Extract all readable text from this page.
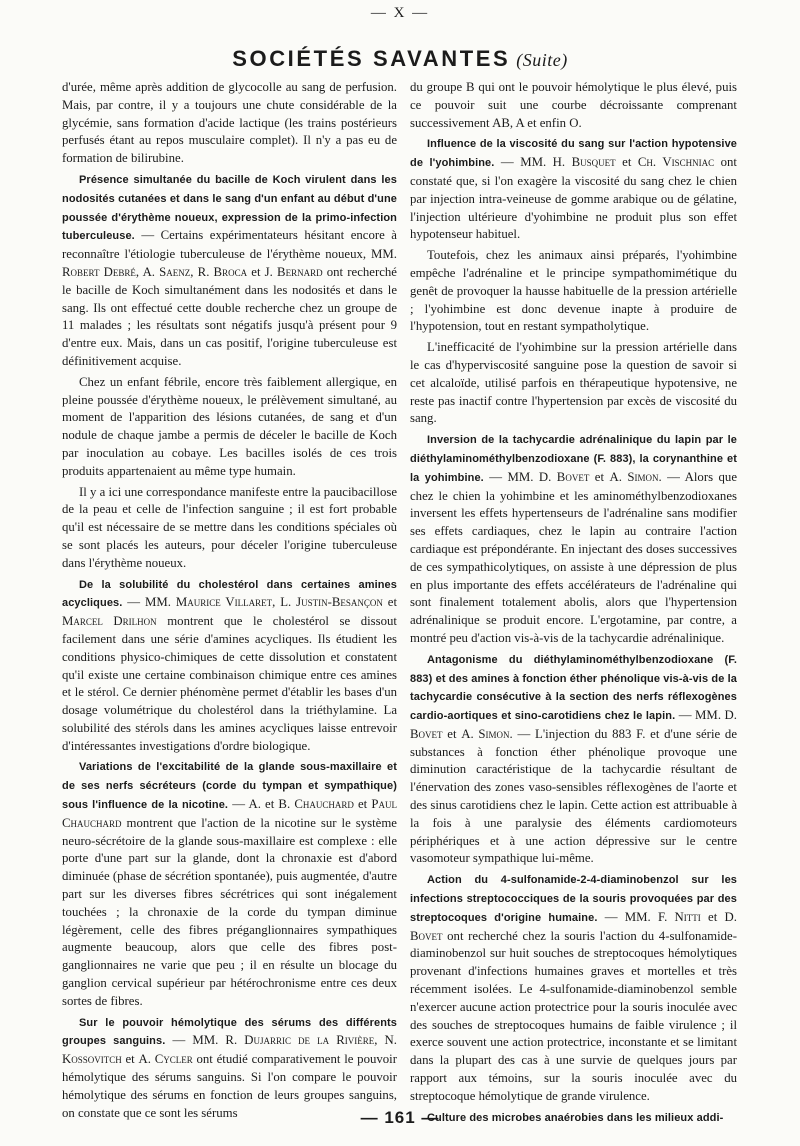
— X —
SOCIÉTÉS SAVANTES (Suite)

d'urée, même après addition de glycocolle au sang de perfusion. Mais, par contre, il y a toujours une chute considérable de la glycémie, sans formation d'acide lactique (les trains postérieurs perfusés étant au repos musculaire complet). Il n'y a pas eu de formation de bilirubine.

Présence simultanée du bacille de Koch virulent dans les nodosités cutanées et dans le sang d'un enfant au début d'une poussée d'érythème noueux, expression de la primo-infection tuberculeuse. — Certains expérimentateurs hésitant encore à reconnaître l'étiologie tuberculeuse de l'érythème noueux, MM. Robert Debré, A. Saenz, R. Broca et J. Bernard ont recherché le bacille de Koch simultanément dans les nodosités et dans le sang. Ils ont effectué cette double recherche chez un groupe de 11 malades ; les résultats sont négatifs jusqu'à présent pour 9 d'entre eux. Mais, dans un cas positif, l'origine tuberculeuse est définitivement acquise.

Chez un enfant fébrile, encore très faiblement allergique, en pleine poussée d'érythème noueux, le prélèvement simultané, au moment de l'apparition des lésions cutanées, de sang et d'un nodule de chaque jambe a permis de déceler le bacille de Koch par inoculation au cobaye. Les bacilles isolés de ces trois produits appartenaient au même type humain.

Il y a ici une correspondance manifeste entre la paucibacillose de la peau et celle de l'infection sanguine ; il est fort probable qu'il est nécessaire de se mettre dans les conditions spéciales où se sont placés les auteurs, pour déceler l'origine tuberculeuse dans l'érythème noueux.

De la solubilité du cholestérol dans certaines amines acycliques. — MM. Maurice Villaret, L. Justin-Besançon et Marcel Drilhon montrent que le cholestérol se dissout facilement dans une série d'amines acycliques. Ils étudient les conditions physico-chimiques de cette dissolution et constatent qu'il existe une certaine combinaison chimique entre ces amines et le stérol. Ce dernier phénomène permet d'établir les bases d'un dosage volumétrique du cholestérol dans la triéthylamine. La solubilité des stérols dans les amines acycliques laisse entrevoir d'intéressantes investigations d'ordre biologique.

Variations de l'excitabilité de la glande sous-maxillaire et de ses nerfs sécréteurs (corde du tympan et sympathique) sous l'influence de la nicotine. — A. et B. Chauchard et Paul Chauchard montrent que l'action de la nicotine sur le système neuro-sécrétoire de la glande sous-maxillaire est complexe : elle porte d'une part sur la glande, dont la chronaxie est d'abord diminuée (phase de sécrétion spontanée), puis augmentée, d'autre part sur les diverses fibres sécrétrices qui sont inégalement touchées ; la chronaxie de la corde du tympan diminue légèrement, celle des fibres préganglionnaires sympathiques augmente beaucoup, alors que celle des fibres post-ganglionnaires ne varie que peu ; il en résulte un blocage du ganglion cervical supérieur par hétérochronisme entre ces deux sortes de fibres.

Sur le pouvoir hémolytique des sérums des différents groupes sanguins. — MM. R. Dujarric de la Rivière, N. Kossovitch et A. Cycler ont étudié comparativement le pouvoir hémolytique des sérums sanguins. Si l'on compare le pouvoir hémolytique des sérums en fonction de leurs groupes sanguins, on constate que ce sont les sérums

du groupe B qui ont le pouvoir hémolytique le plus élevé, puis ce pouvoir suit une courbe décroissante comprenant successivement AB, A et enfin O.

Influence de la viscosité du sang sur l'action hypotensive de l'yohimbine. — MM. H. Busquet et Ch. Vischniac ont constaté que, si l'on exagère la viscosité du sang chez le chien par injection intra-veineuse de gomme arabique ou de gélatine, l'injection ultérieure d'yohimbine ne produit plus son effet hypotenseur habituel.

Toutefois, chez les animaux ainsi préparés, l'yohimbine empêche l'adrénaline et le principe sympathomimétique du genêt de provoquer la hausse habituelle de la pression artérielle ; l'yohimbine est donc devenue inapte à produire de l'hypotension, tout en restant sympatholytique.

L'inefficacité de l'yohimbine sur la pression artérielle dans le cas d'hyperviscosité sanguine pose la question de savoir si cet alcaloïde, utilisé parfois en thérapeutique hypotensive, ne reste pas inactif contre l'hypertension par excès de viscosité du sang.

Inversion de la tachycardie adrénalinique du lapin par le diéthylaminométhylbenzodioxane (F. 883), la corynanthine et la yohimbine. — MM. D. Bovet et A. Simon. — Alors que chez le chien la yohimbine et les aminométhylbenzodioxanes inversent les effets hypertenseurs de l'adrénaline sans modifier ses effets cardiaques, chez le lapin au contraire l'action cardiaque est prépondérante. En injectant des doses successives de ces sympathicolytiques, on assiste à une dépression de plus en plus importante des effets accélérateurs de l'adrénaline qui sont finalement totalement abolis, alors que l'hypertension adrénalinique se produit encore. L'ergotamine, par contre, a montré peu d'action vis-à-vis de la tachycardie adrénalinique.

Antagonisme du diéthylaminométhylbenzodioxane (F. 883) et des amines à fonction éther phénolique vis-à-vis de la tachycardie consécutive à la section des nerfs réflexogènes cardio-aortiques et sino-carotidiens chez le lapin. — MM. D. Bovet et A. Simon. — L'injection du 883 F. et d'une série de substances à fonction éther phénolique provoque une diminution caractéristique de la tachycardie résultant de l'énervation des zones vaso-sensibles réflexogènes de l'aorte et des sinus carotidiens chez le lapin. Cette action est attribuable à la fois à une paralysie des éléments cardiomoteurs périphériques et à une action dépressive sur le centre vasomoteur sympathique lui-même.

Action du 4-sulfonamide-2-4-diaminobenzol sur les infections streptococciques de la souris provoquées par des streptocoques d'origine humaine. — MM. F. Nitti et D. Bovet ont recherché chez la souris l'action du 4-sulfonamide-diaminobenzol sur huit souches de streptocoques hémolytiques provenant d'infections humaines graves et mortelles et très récemment isolées. Le 4-sulfonamide-diaminobenzol semble n'exercer aucune action protectrice pour la souris inoculée avec des souches de streptocoques humains de faible virulence ; il exerce souvent une action protectrice, inconstante et se limitant dans la plupart des cas à une survie de quelques jours par rapport aux témoins, sur la souris inoculée avec du streptocoque hémolytique de grande virulence.

Culture des microbes anaérobies dans les milieux addi-

— 161 —
